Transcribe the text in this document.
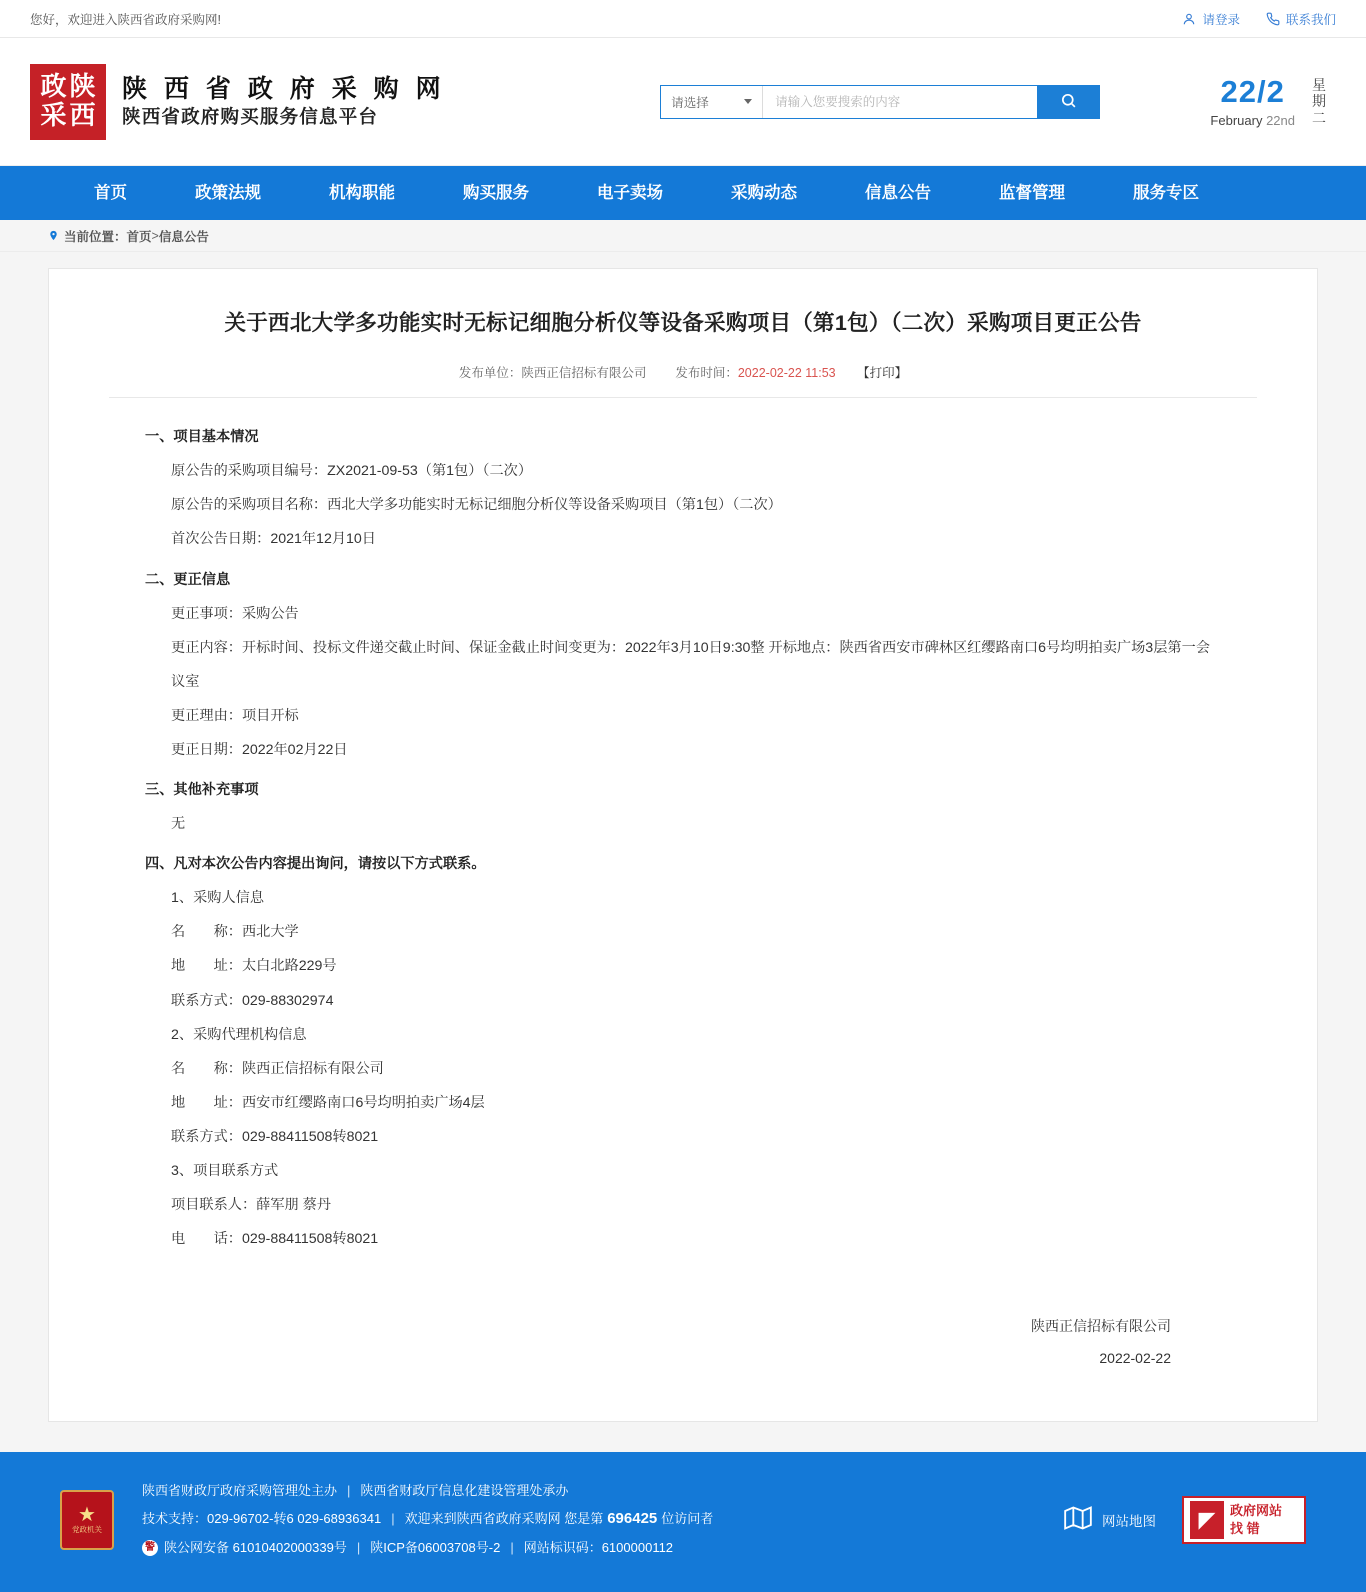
您好，欢迎进入陕西省政府采购网!	请登录	联系我们
政 陕
采 西
陕 西 省 政 府 采 购 网
陕西省政府购买服务信息平台
请选择
请输入您要搜索的内容	22/2
February 22nd
星
期
二
首页	政策法规	机构职能	购买服务	电子卖场	采购动态	信息公告	监督管理	服务专区
当前位置： 首页 > 信息公告
关于西北大学多功能实时无标记细胞分析仪等设备采购项目（第1包）（二次）采购项目更正公告
发布单位：陕西正信招标有限公司 发布时间：2022-02-22 11:53 【打印】
一、项目基本情况
原公告的采购项目编号：ZX2021-09-53（第1包）（二次）
原公告的采购项目名称：西北大学多功能实时无标记细胞分析仪等设备采购项目（第1包）（二次）
首次公告日期：2021年12月10日
二、更正信息
更正事项：采购公告
更正内容：开标时间、投标文件递交截止时间、保证金截止时间变更为：2022年3月10日9:30整 开标地点：陕西省西安市碑林区红缨路南口6号均明拍卖广场3层第一会议室
更正理由：项目开标
更正日期：2022年02月22日
三、其他补充事项
无
四、凡对本次公告内容提出询问，请按以下方式联系。
1、采购人信息
名　　称：西北大学
地　　址：太白北路229号
联系方式：029-88302974
2、采购代理机构信息
名　　称：陕西正信招标有限公司
地　　址：西安市红缨路南口6号均明拍卖广场4层
联系方式：029-88411508转8021
3、项目联系方式
项目联系人：薛军朋 蔡丹
电　　话：029-88411508转8021
陕西正信招标有限公司
2022-02-22
★
党政机关
陕西省财政厅政府采购管理处主办 | 陕西省财政厅信息化建设管理处承办
技术支持：029-96702-转6 029-68936341 | 欢迎来到陕西省政府采购网 您是第 696425 位访问者
警 陕公网安备 61010402000339号 | 陕ICP备06003708号-2 | 网站标识码：6100000112
网站地图	◤	政府网站
找 错
